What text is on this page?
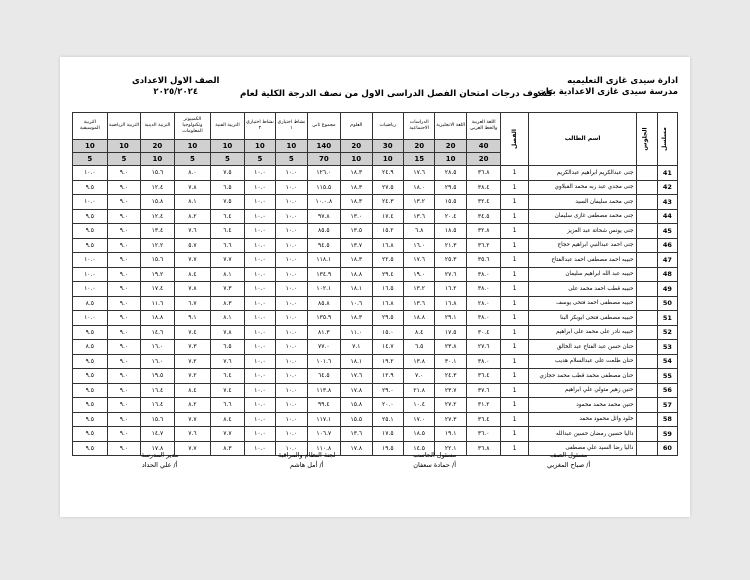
ادارة سيدى غازى التعليميه
مدرسة سيدى غازى الاعدادية بنات
الصف الاول الاعدادى
٢٠٢٥/٢٠٢٤	كشوف درجات امتحان الفصل الدراسى الاول من نصف الدرجة الكلية لعام
مسلسل	الجلوس	اسم الطالب	الفصل	اللغة العربية والخط العربي	اللغة الانجليزية	الدراسات الاجتماعية	رياضيات	العلوم	مجموع ثاني	نشاط اختياري ١	نشاط اختياري ٢	التربية الفنية	الكمبيوتر وتكنولوجيا المعلومات	التربية الدينية	التربية الرياضية	التربية الموسيقية
				40	20	20	30	20	140	10	10	10	10	20	10	10
				20	10	15	10	10	70	5	5	5	5	10	5	5
41		جنى عبدالكريم ابراهيم عبدالكريم	1	٣٦.٨	٢٨.٥	١٧.٦	٢٤.٩	١٨.٣	١٢٦.٠	١٠.٠	١٠.٠	٧.٥	٨.٠	١٥.٦	٩.٠	١٠.٠
42		جنى مجدي عبد ربه محمد القبلاوي	1	٣٨.٤	٢٩.٥	١٨.٠	٢٧.٥	١٨.٣	١١٥.٥	١٠.٠	١٠.٠	٦.٥	٧.٨	١٢.٤	٩.٠	٩.٥
43		جنى محمد سليمان السيد	1	٣٢.٤	١٥.٥	١٣.٢	٢٤.٣	١٨.٣	١٠.٠.٨	١٠.٠	١٠.٠	٧.٥	٨.١	١٥.٨	٩.٠	١٠.٠
44		جنى محمد مصطفى غازى سليمان	1	٣٤.٥	٢٠.٤	١٣.٦	١٧.٤	١٣.٠	٩٧.٨	١٠.٠	١٠.٠	٦.٤	٨.٢	١٢.٤	٩.٠	٩.٥
45		جنى يونس شحاتة عبد العزيز	1	٣٢.٨	١٨.٥	٦.٨	١٥.٢	١٣.٥	٨٥.٥	١٠.٠	١٠.٠	٦.٤	٧.٦	١٣.٤	٩.٠	٩.٥
46		جنى احمد عبدالنبي ابراهيم حجاج	1	٣٦.٢	٢١.٣	١٦.٠	١٦.٨	١٣.٧	٩٤.٥	١٠.٠	١٠.٠	٦.٦	٥.٧	١٢.٢	٩.٠	٩.٥
47		حبيبه احمد مصطفى احمد عبدالفتاح	1	٣٥.٦	٢٥.٣	١٧.٦	٢٢.٥	١٨.٣	١١٨.١	١٠.٠	١٠.٠	٧.٧	٧.٧	١٥.٦	٩.٠	١٠.٠
48		حبيبه عبد الله ابراهيم سليمان	1	٣٨.٠	٢٧.٦	١٩.٠	٢٩.٤	١٨.٨	١٣٤.٩	١٠.٠	١٠.٠	٨.١	٨.٤	١٩.٢	٩.٠	١٠.٠
49		حبيبه قطب احمد محمد على	1	٣٨.٠	١٦.٢	١٣.٢	١٦.٥	١٨.١	١٠٢.١	١٠.٠	١٠.٠	٧.٣	٧.٨	١٧.٤	٩.٠	١٠.٠
50		حبيبه مصطفى احمد فتحى يوسف	1	٢٨.٠	١٦.٨	١٣.٦	١٦.٨	١٠.٦	٨٥.٨	١٠.٠	١٠.٠	٨.٣	٦.٧	١١.٦	٩.٠	٨.٥
51		حبيبه مصطفى فتحى ابوبكر البنا	1	٣٨.٠	٢٩.١	١٨.٨	٢٩.٥	١٨.٣	١٣٥.٩	١٠.٠	١٠.٠	٨.١	٩.١	١٨.٨	٩.٠	١٠.٠
52		حبيبه نادر على محمد على ابراهيم	1	٣٠.٤	١٧.٥	٨.٤	١٥.٠	١١.٠	٨١.٣	١٠.٠	١٠.٠	٧.٨	٧.٤	١٤.٦	٩.٠	٩.٥
53		حنان حسن عبد الفتاح عبد الخالق	1	٢٧.٦	٢٣.٨	٦.٥	١٤.٧	٧.١	٧٧.٠	١٠.٠	١٠.٠	٦.٥	٧.٣	١٦.٠	٩.٠	٨.٥
54		حنان طلعت على عبدالسلام هديب	1	٣٨.٠	٣٠.١	١٣.٨	١٩.٢	١٨.١	١٠١.٦	١٠.٠	١٠.٠	٧.٦	٧.٢	١٦.٠	٩.٠	٩.٥
55		حنان مصطفى محمد قطب محمد حجازي	1	٣٦.٤	٢٤.٣	٧.٠	١٢.٩	١٧.٦	٦٤.٥	١٠.٠	١٠.٠	٦.٤	٧.٢	١٩.٥	٩.٠	٩.٥
56		حنين زهير متولي علي ابراهيم	1	٣٧.٦	٢٣.٧	٢١.٨	٢٩.٠	١٧.٨	١١٣.٨	١٠.٠	١٠.٠	٧.٤	٨.٤	١٦.٤	٩.٠	٩.٥
57		حنين محمد محمد محمود	1	٣١.٢	٢٧.٢	١٠.٤	٢٠.٠	١٥.٨	٩٩.٤	١٠.٠	١٠.٠	٦.٦	٨.٢	١٦.٤	٩.٠	٩.٥
58		خلود وائل محمود محمد	1	٣٦.٤	٢٧.٣	١٧.٠	٢٥.١	١٥.٥	١١٧.١	١٠.٠	١٠.٠	٨.٤	٧.٧	١٥.٦	٩.٠	٩.٥
59		داليا حسين رمضان حسين عبدالله	1	٣٦.٠	١٩.١	١٨.٥	١٧.٥	١٣.٦	١٠٦.٧	١٠.٠	١٠.٠	٧.٧	٧.٦	١٤.٧	٩.٠	٩.٥
60		داليا رضا السيد علي مصطفى	1	٣٦.٨	٢٢.١	١٤.٥	١٩.٥	١٧.٨	١١٠.٨	١٠.٠	١٠.٠	٨.٣	٧.٧	١٧.٨	٩.٠	٩.٥
مسئول الصف
أ/ صباح المغربي
مسئول الحاسب
أ/ حمادة سعفان
لجنة النظام والمراقبة
أ/ أمل هاشم
مدير المدرسة
أ/ علي الحداد
